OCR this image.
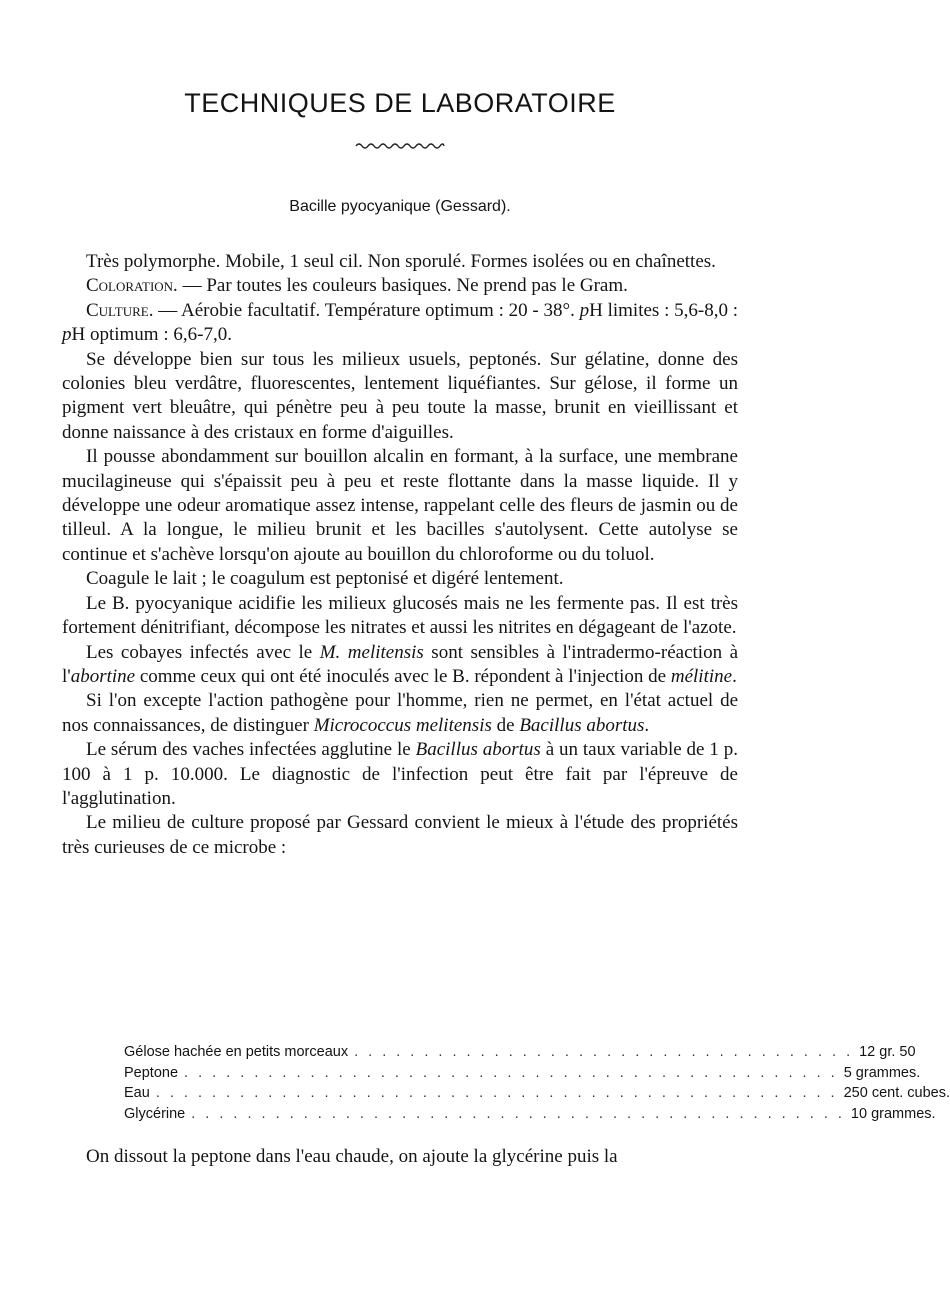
TECHNIQUES DE LABORATOIRE
Bacille pyocyanique (Gessard).

Très polymorphe. Mobile, 1 seul cil. Non sporulé. Formes isolées ou en chaînettes.

Coloration. — Par toutes les couleurs basiques. Ne prend pas le Gram.

Culture. — Aérobie facultatif. Température optimum : 20 - 38°. pH limites : 5,6-8,0 : pH optimum : 6,6-7,0.

Se développe bien sur tous les milieux usuels, peptonés. Sur gélatine, donne des colonies bleu verdâtre, fluorescentes, lentement liquéfiantes. Sur gélose, il forme un pigment vert bleuâtre, qui pénètre peu à peu toute la masse, brunit en vieillissant et donne naissance à des cristaux en forme d'aiguilles.

Il pousse abondamment sur bouillon alcalin en formant, à la surface, une membrane mucilagineuse qui s'épaissit peu à peu et reste flottante dans la masse liquide. Il y développe une odeur aromatique assez intense, rappelant celle des fleurs de jasmin ou de tilleul. A la longue, le milieu brunit et les bacilles s'autolysent. Cette autolyse se continue et s'achève lorsqu'on ajoute au bouillon du chloroforme ou du toluol.

Coagule le lait ; le coagulum est peptonisé et digéré lentement.

Le B. pyocyanique acidifie les milieux glucosés mais ne les fermente pas. Il est très fortement dénitrifiant, décompose les nitrates et aussi les nitrites en dégageant de l'azote.

Les cobayes infectés avec le M. melitensis sont sensibles à l'intradermo-réaction à l'abortine comme ceux qui ont été inoculés avec le B. répondent à l'injection de mélitine.

Si l'on excepte l'action pathogène pour l'homme, rien ne permet, en l'état actuel de nos connaissances, de distinguer Micrococcus melitensis de Bacillus abortus.

Le sérum des vaches infectées agglutine le Bacillus abortus à un taux variable de 1 p. 100 à 1 p. 10.000. Le diagnostic de l'infection peut être fait par l'épreuve de l'agglutination.

Le milieu de culture proposé par Gessard convient le mieux à l'étude des propriétés très curieuses de ce microbe :

Gélose hachée en petits morceaux . . . . . . . . . . . . . . . . . . . . . . . . . . . . . . . . . . . . 12 gr. 50
Peptone . . . . . . . . . . . . . . . . . . . . . . . . . . . . . . . . . . . . . . . . . . . . . . . 5 grammes.
Eau . . . . . . . . . . . . . . . . . . . . . . . . . . . . . . . . . . . . . . . . . . . . . . . . . 250 cent. cubes.
Glycérine . . . . . . . . . . . . . . . . . . . . . . . . . . . . . . . . . . . . . . . . . . . . . . . 10 grammes.
On dissout la peptone dans l'eau chaude, on ajoute la glycérine puis la
